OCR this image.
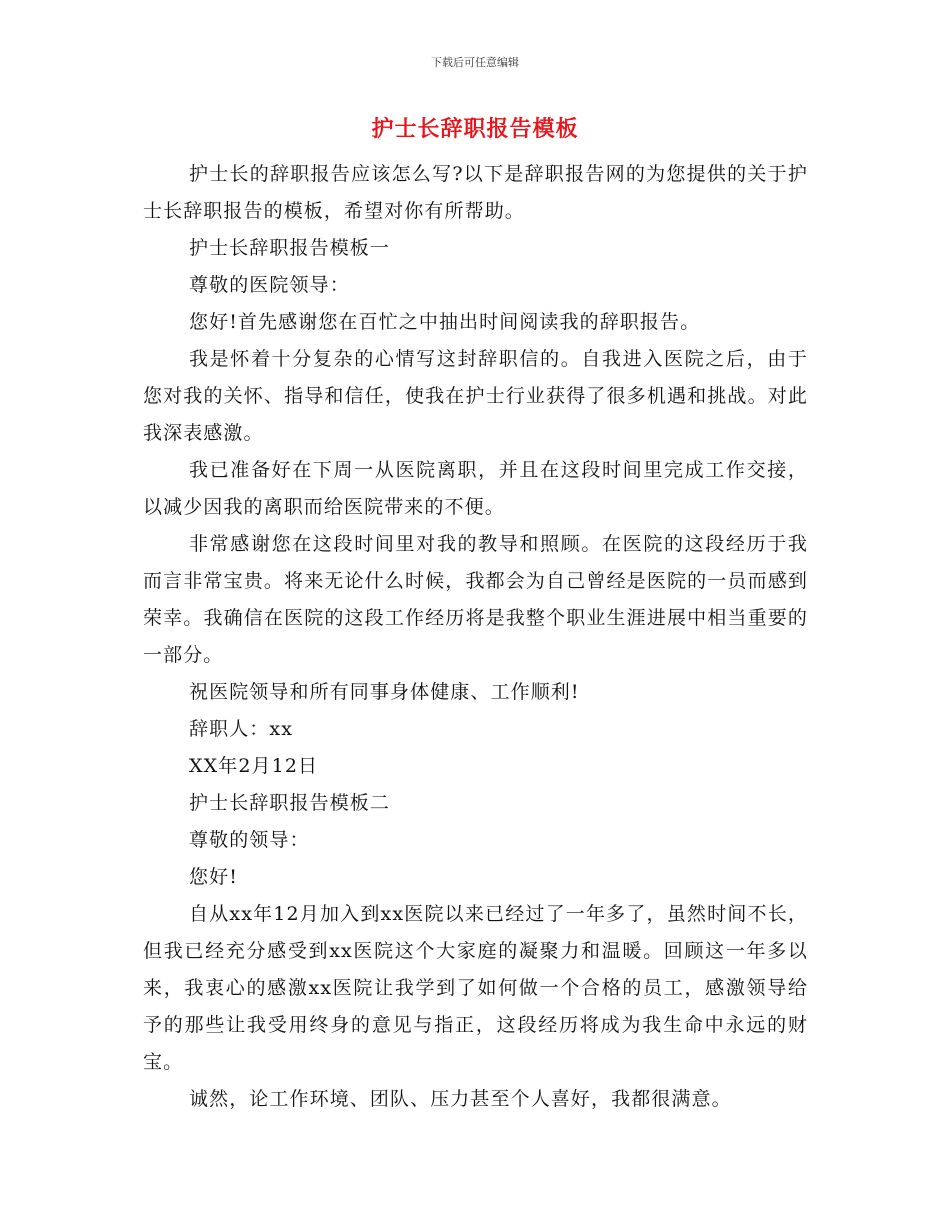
下载后可任意编辑
护士长辞职报告模板

护士长的辞职报告应该怎么写?以下是辞职报告网的为您提供的关于护士长辞职报告的模板，希望对你有所帮助。

护士长辞职报告模板一

尊敬的医院领导：

您好!首先感谢您在百忙之中抽出时间阅读我的辞职报告。

我是怀着十分复杂的心情写这封辞职信的。自我进入医院之后，由于您对我的关怀、指导和信任，使我在护士行业获得了很多机遇和挑战。对此我深表感激。

我已准备好在下周一从医院离职，并且在这段时间里完成工作交接，以减少因我的离职而给医院带来的不便。

非常感谢您在这段时间里对我的教导和照顾。在医院的这段经历于我而言非常宝贵。将来无论什么时候，我都会为自己曾经是医院的一员而感到荣幸。我确信在医院的这段工作经历将是我整个职业生涯进展中相当重要的一部分。

祝医院领导和所有同事身体健康、工作顺利!

辞职人：xx

XX年2月12日

护士长辞职报告模板二

尊敬的领导：

您好!

自从xx年12月加入到xx医院以来已经过了一年多了，虽然时间不长，但我已经充分感受到xx医院这个大家庭的凝聚力和温暖。回顾这一年多以来，我衷心的感激xx医院让我学到了如何做一个合格的员工，感激领导给予的那些让我受用终身的意见与指正，这段经历将成为我生命中永远的财宝。

诚然，论工作环境、团队、压力甚至个人喜好，我都很满意。
